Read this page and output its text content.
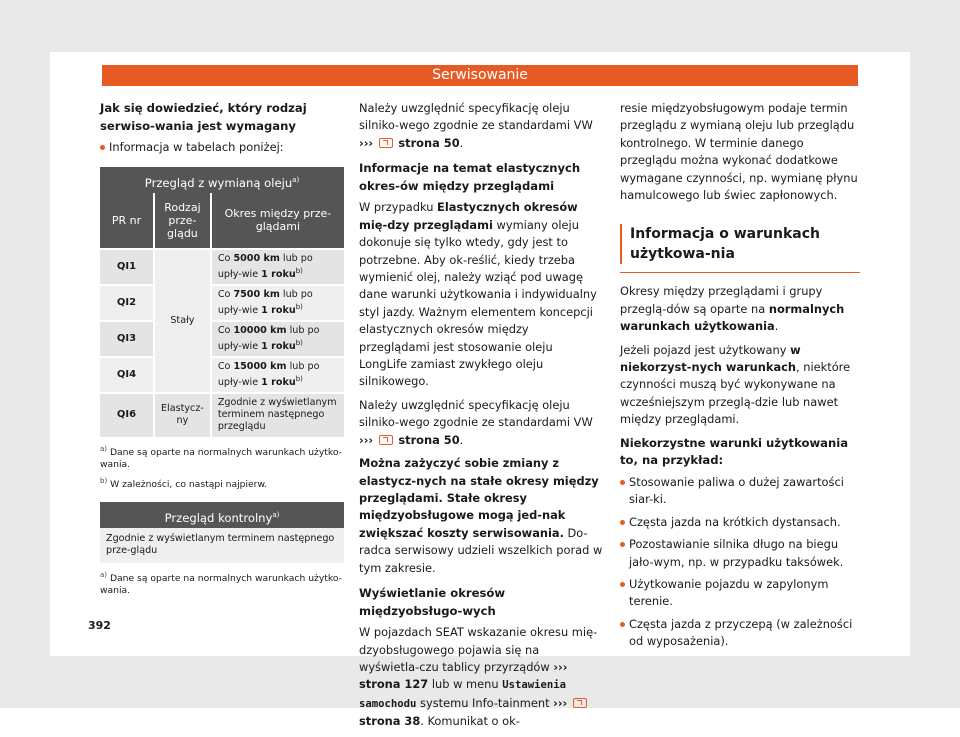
Serwisowanie
Jak się dowiedzieć, który rodzaj serwiso-wania jest wymagany
Informacja w tabelach poniżej:
Przegląd z wymianą oleju$^{a)}$
PR nr	Rodzaj prze-glądu	Okres między prze-glądami
QI1	Stały	Co 5000 km lub po upły-wie 1 roku$^{b)}$
QI2		Co 7500 km lub po upły-wie 1 roku$^{b)}$
QI3		Co 10000 km lub po upły-wie 1 roku$^{b)}$
QI4		Co 15000 km lub po upły-wie 1 roku$^{b)}$
QI6	Elastycz-ny	Zgodnie z wyświetlanym terminem następnego przeglądu
$^{a)}$ Dane są oparte na normalnych warunkach użytko-wania.
$^{b)}$ W zależności, co nastąpi najpierw.
Przegląd kontrolny$^{a)}$
Zgodnie z wyświetlanym terminem następnego prze-glądu
$^{a)}$ Dane są oparte na normalnych warunkach użytko-wania.

Należy uwzględnić specyfikację oleju silniko-wego zgodnie ze standardami VW
››› strona 50.

Informacje na temat elastycznych okres-ów między przeglądami

W przypadku Elastycznych okresów mię-dzy przeglądami wymiany oleju dokonuje się tylko wtedy, gdy jest to potrzebne. Aby ok-reślić, kiedy trzeba wymienić olej, należy wziąć pod uwagę dane warunki użytkowania i indywidualny styl jazdy. Ważnym elementem koncepcji elastycznych okresów między przeglądami jest stosowanie oleju LongLife zamiast zwykłego oleju silnikowego.

Należy uwzględnić specyfikację oleju silniko-wego zgodnie ze standardami VW
››› strona 50.

Można zażyczyć sobie zmiany z elastycz-nych na stałe okresy między przeglądami. Stałe okresy międzyobsługowe mogą jed-nak zwiększać koszty serwisowania. Do-radca serwisowy udzieli wszelkich porad w tym zakresie.

Wyświetlanie okresów międzyobsługo-wych

W pojazdach SEAT wskazanie okresu mię-dzyobsługowego pojawia się na wyświetla-czu tablicy przyrządów ››› strona 127 lub w menu Ustawienia samochodu systemu Info-tainment ›››  strona 38. Komunikat o ok-

resie międzyobsługowym podaje termin przeglądu z wymianą oleju lub przeglądu kontrolnego. W terminie danego przeglądu można wykonać dodatkowe wymagane czynności, np. wymianę płynu hamulcowego lub świec zapłonowych.

Informacja o warunkach użytkowa-nia

Okresy między przeglądami i grupy przeglą-dów są oparte na normalnych warunkach użytkowania.

Jeżeli pojazd jest użytkowany w niekorzyst-nych warunkach, niektóre czynności muszą być wykonywane na wcześniejszym przeglą-dzie lub nawet między przeglądami.

Niekorzystne warunki użytkowania to, na przykład:
Stosowanie paliwa o dużej zawartości siar-ki.
Częsta jazda na krótkich dystansach.
Pozostawianie silnika długo na biegu jało-wym, np. w przypadku taksówek.
Użytkowanie pojazdu w zapylonym terenie.
Częsta jazda z przyczepą (w zależności od wyposażenia).
392
